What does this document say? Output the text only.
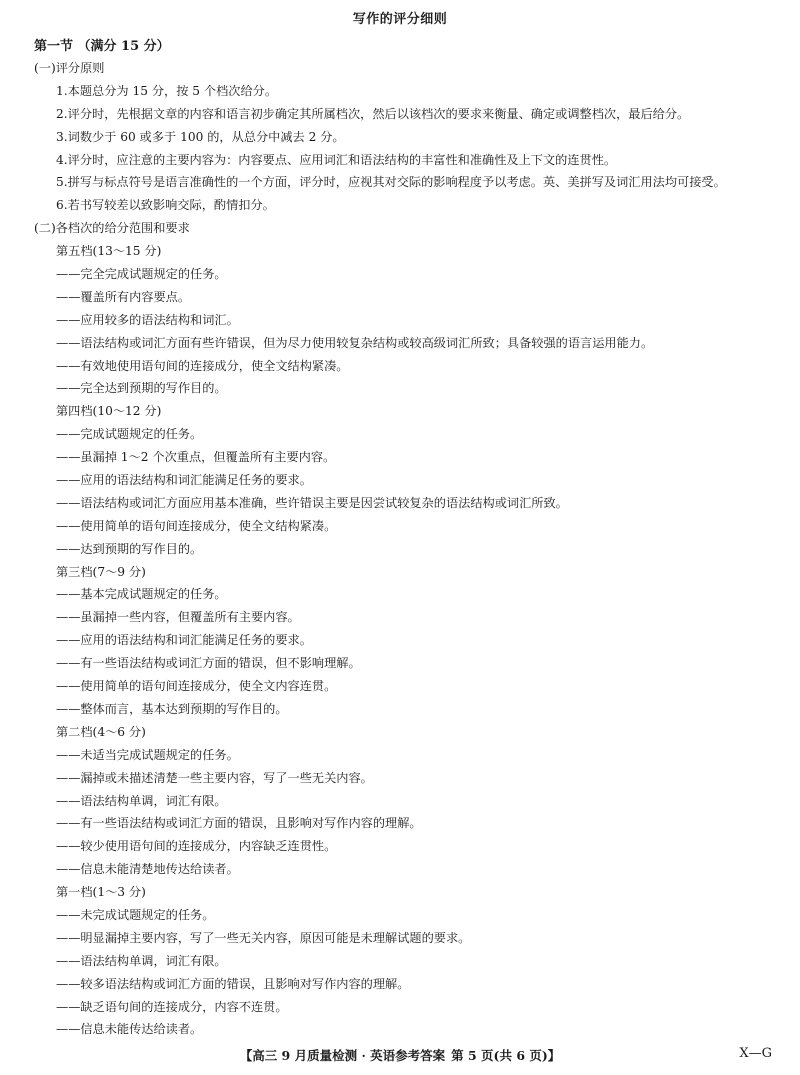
写作的评分细则
第一节 （满分 15 分）
(一)评分原则
1.本题总分为 15 分，按 5 个档次给分。
2.评分时，先根据文章的内容和语言初步确定其所属档次，然后以该档次的要求来衡量、确定或调整档次，最后给分。
3.词数少于 60 或多于 100 的，从总分中减去 2 分。
4.评分时，应注意的主要内容为：内容要点、应用词汇和语法结构的丰富性和准确性及上下文的连贯性。
5.拼写与标点符号是语言准确性的一个方面，评分时，应视其对交际的影响程度予以考虑。英、美拼写及词汇用法均可接受。
6.若书写较差以致影响交际，酌情扣分。
(二)各档次的给分范围和要求
第五档(13～15 分)
——完全完成试题规定的任务。
——覆盖所有内容要点。
——应用较多的语法结构和词汇。
——语法结构或词汇方面有些许错误，但为尽力使用较复杂结构或较高级词汇所致；具备较强的语言运用能力。
——有效地使用语句间的连接成分，使全文结构紧凑。
——完全达到预期的写作目的。
第四档(10～12 分)
——完成试题规定的任务。
——虽漏掉 1～2 个次重点，但覆盖所有主要内容。
——应用的语法结构和词汇能满足任务的要求。
——语法结构或词汇方面应用基本准确，些许错误主要是因尝试较复杂的语法结构或词汇所致。
——使用简单的语句间连接成分，使全文结构紧凑。
——达到预期的写作目的。
第三档(7～9 分)
——基本完成试题规定的任务。
——虽漏掉一些内容，但覆盖所有主要内容。
——应用的语法结构和词汇能满足任务的要求。
——有一些语法结构或词汇方面的错误，但不影响理解。
——使用简单的语句间连接成分，使全文内容连贯。
——整体而言，基本达到预期的写作目的。
第二档(4～6 分)
——未适当完成试题规定的任务。
——漏掉或未描述清楚一些主要内容，写了一些无关内容。
——语法结构单调，词汇有限。
——有一些语法结构或词汇方面的错误，且影响对写作内容的理解。
——较少使用语句间的连接成分，内容缺乏连贯性。
——信息未能清楚地传达给读者。
第一档(1～3 分)
——未完成试题规定的任务。
——明显漏掉主要内容，写了一些无关内容，原因可能是未理解试题的要求。
——语法结构单调，词汇有限。
——较多语法结构或词汇方面的错误，且影响对写作内容的理解。
——缺乏语句间的连接成分，内容不连贯。
——信息未能传达给读者。
【高三 9 月质量检测 · 英语参考答案 第 5 页(共 6 页)】	X—G
